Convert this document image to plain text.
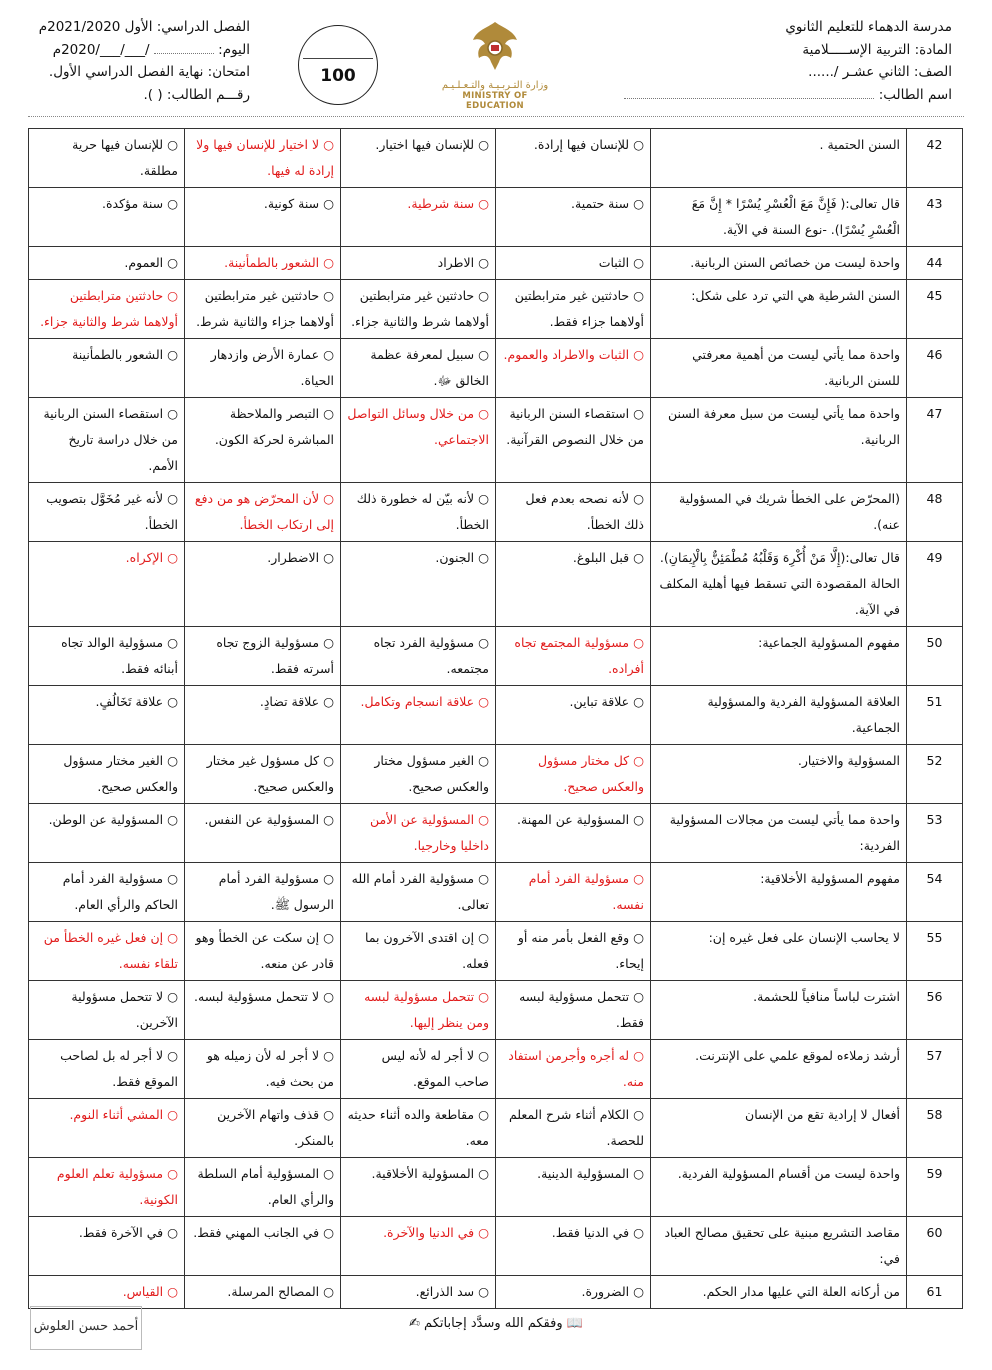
مدرسة الدهماء للتعليم الثانوي
المادة: التربية الإســـــلامية
الصف: الثاني عشـر /......
اسم الطالب:
وزارة التـربـيـة والتـعـلـيـم
MINISTRY OF EDUCATION
100
الفصل الدراسي: الأول 2021/2020م
اليوم:  /___/___/2020م
امتحان: نهاية الفصل الدراسي الأول.
رقـــم الطالب: ( ).
42	السنن الحتمية .	○ للإنسان فيها إرادة.	○ للإنسان فيها اختيار.	○ لا اختيار للإنسان فيها ولا إرادة له فيها.	○ للإنسان فيها حرية مطلقة.
43	قال تعالى:( فَإِنَّ مَعَ الْعُسْرِ يُسْرًا * إِنَّ مَعَ الْعُسْرِ يُسْرًا). -نوع السنة في الآية.	○ سنة حتمية.	○ سنة شرطية.	○ سنة كونية.	○ سنة مؤكدة.
44	واحدة ليست من خصائص السنن الربانية.	○ الثبات	○ الاطراد	○ الشعور بالطمأنينة.	○ العموم.
45	السنن الشرطية هي التي ترد على شكل:	○ حادثتين غير مترابطتين أولاهما جزاء فقط.	○ حادثتين غير مترابطتين أولاهما شرط والثانية جزاء.	○ حادثتين غير مترابطتين أولاهما جزاء والثانية شرط.	○ حادثتين مترابطتين أولاهما شرط والثانية جزاء.
46	واحدة مما يأتي ليست من أهمية معرفتي للسنن الربانية.	○ الثبات والاطراد والعموم.	○ سبيل لمعرفة عظمة الخالق ﷻ.	○ عمارة الأرض وازدهار الحياة.	○ الشعور بالطمأنينة
47	واحدة مما يأتي ليست من سبل معرفة السنن الربانية.	○ استقصاء السنن الربانية من خلال النصوص القرآنية.	○ من خلال وسائل التواصل الاجتماعي.	○ التبصر والملاحظة المباشرة لحركة الكون.	○ استقصاء السنن الربانية من خلال دراسة تاريخ الأمم.
48	(المحرّض على الخطأ شريك في المسؤولية عنه).	○ لأنه نصحه بعدم فعل ذلك الخطأ.	○ لأنه بيّن له خطورة ذلك الخطأ.	○ لأن المحرّض هو من دفع إلى ارتكاب الخطأ.	○ لأنه غير مُخَوَّل بتصويب الخطأ.
49	قال تعالى:(إِلَّا مَنْ أُكْرِهَ وَقَلْبُهُ مُطْمَئِنٌّ بِالْإِيمَانِ). الحالة المقصودة التي تسقط فيها أهلية المكلف في الآية.	○ قبل البلوغ.	○ الجنون.	○ الاضطرار.	○ الإكراه.
50	مفهوم المسؤولية الجماعية:	○ مسؤولية المجتمع تجاه أفراده.	○ مسؤولية الفرد تجاه مجتمعه.	○ مسؤولية الزوج تجاه أسرته فقط.	○ مسؤولية الوالد تجاه أبنائه فقط.
51	العلاقة المسؤولية الفردية والمسؤولية الجماعية.	○ علاقة تباين.	○ علاقة انسجام وتكامل.	○ علاقة تضادٍ.	○ علاقة تَخَالُفٍ.
52	المسؤولية والاختيار.	○ كل مختار مسؤول والعكس صحيح.	○ الغير مسؤول مختار والعكس صحيح.	○ كل مسؤول غير مختار والعكس صحيح.	○ الغير مختار مسؤول والعكس صحيح.
53	واحدة مما يأتي ليست من مجالات المسؤولية الفردية:	○ المسؤولية عن المهنة.	○ المسؤولية عن الأمن داخليا وخارجيا.	○ المسؤولية عن النفس.	○ المسؤولية عن الوطن.
54	مفهوم المسؤولية الأخلاقية:	○ مسؤولية الفرد أمام نفسه.	○ مسؤولية الفرد أمام الله تعالى.	○ مسؤولية الفرد أمام الرسول ﷺ.	○ مسؤولية الفرد أمام الحاكم والرأي العام.
55	لا يحاسب الإنسان على فعل غيره إن:	○ وقع الفعل بأمر منه أو إيحاء.	○ إن اقتدى الآخرون بما فعله.	○ إن سكت عن الخطأ وهو قادر عن منعه.	○ إن فعل غيره الخطأ من تلقاء نفسه.
56	اشترت لباساً منافياً للحشمة.	○ تتحمل مسؤولية لبسه فقط.	○ تتحمل مسؤولية لبسه ومن ينظر إليها.	○ لا تتحمل مسؤولية لبسه.	○ لا تتحمل مسؤولية الآخرين.
57	أرشد زملاءه لموقع علمي على الإنترنت.	○ له أجره وأجرمن استفاد منه.	○ لا أجر له لأنه ليس صاحب الموقع.	○ لا أجر له لأن زميله هو من بحث فيه.	○ لا أجر له بل لصاحب الموقع فقط.
58	أفعال لا إرادية تقع من الإنسان	○ الكلام أثناء شرح المعلم للحصة.	○ مقاطعة والده أثناء حديثه معه.	○ قذف واتهام الآخرين بالمنكر.	○ المشي أثناء النوم.
59	واحدة ليست من أقسام المسؤولية الفردية.	○ المسؤولية الدينية.	○ المسؤولية الأخلاقية.	○ المسؤولية أمام السلطة والرأي العام.	○ مسؤولية تعلم العلوم الكونية.
60	مقاصد التشريع مبنية على تحقيق مصالح العباد في:	○ في الدنيا فقط.	○ في الدنيا والآخرة.	○ في الجانب المهني فقط.	○ في الآخرة فقط.
61	من أركانه العلة التي عليها مدار الحكم.	○ الضرورة.	○ سد الذرائع.	○ المصالح المرسلة.	○ القياس.
📖 وفقكم الله وسدَّد إجاباتكم ✍
أحمد حسن العلوش
